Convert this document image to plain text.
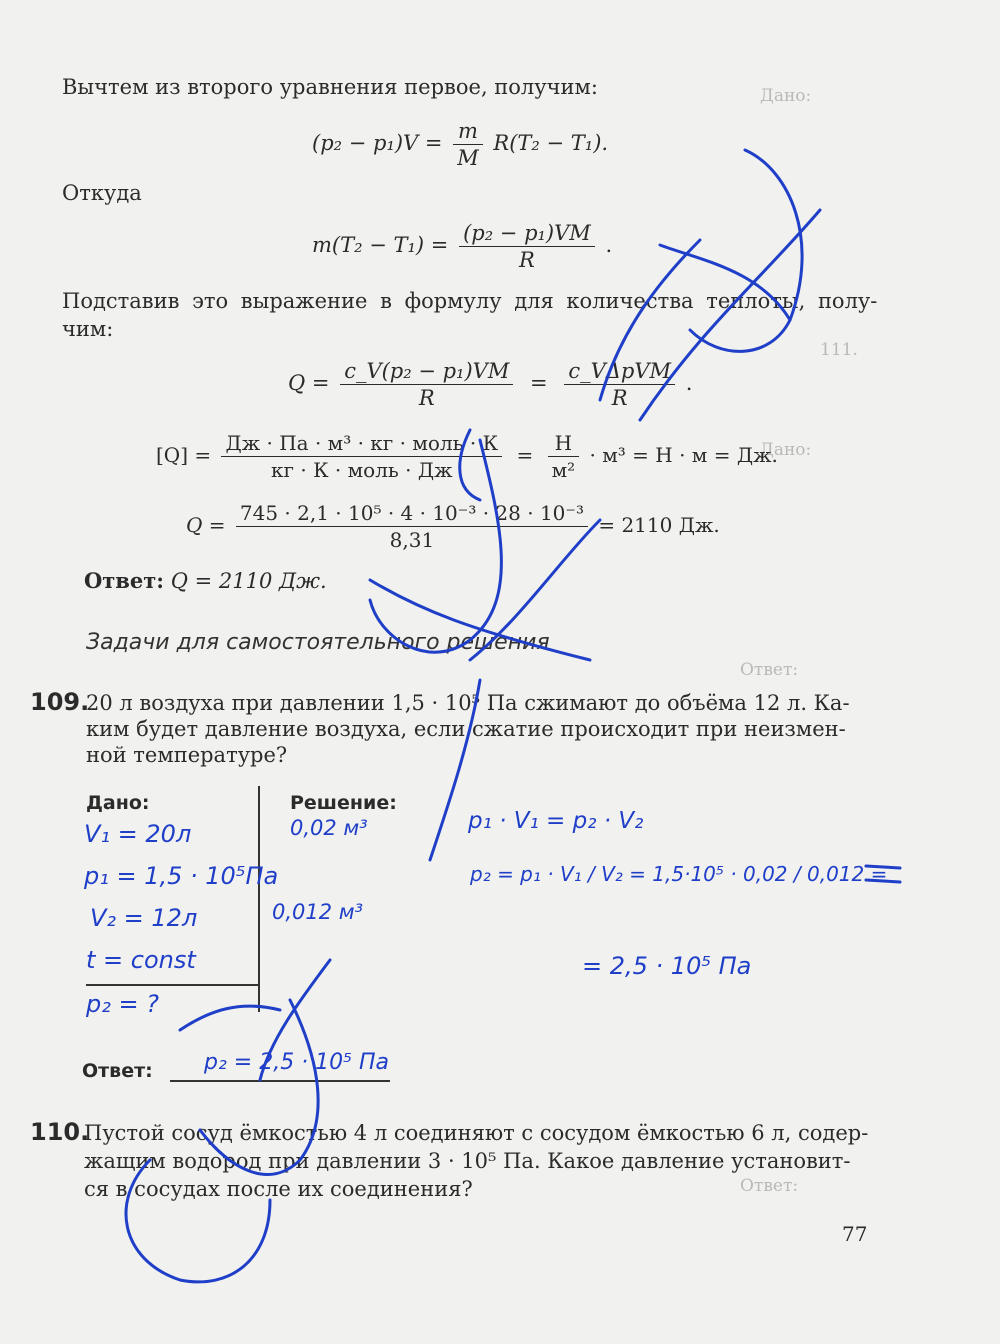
Дано:
111.
Дано:
Ответ:
Ответ:
Вычтем из второго уравнения первое, получим:
$(p_2 - p_1)V = \frac{m}{M} R(T_2 - T_1)$.
Откуда
$m(T_2 - T_1) = \frac{\text{(p₂ − p₁)VM}}{R}$ .
Подставив это выражение в формулу для количества теплоты, полу-
чим:
$Q = \frac{\text{c\_V(p₂ − p₁)VM}}{R} = \frac{\text{c\_VΔpVM}}{R}$ .
$[Q] = \frac{\text{Дж · Па · м³ · кг · моль · К}}{\text{кг · К · моль · Дж}} = \frac{Н}{\text{м²}} \cdot м^3 = Н \cdot м$ = Дж.
$Q = \frac{\text{745 · 2,1 · 10⁵ · 4 · 10⁻³ · 28 · 10⁻³}}{8,31} = 2110$ Дж.
Ответ: Q = 2110 Дж.
Задачи для самостоятельного решения
109.
20 л воздуха при давлении 1,5 · 10⁵ Па сжимают до объёма 12 л. Ка-
ким будет давление воздуха, если сжатие происходит при неизмен-
ной температуре?
Дано:	Решение:
Ответ:
110.
Пустой сосуд ёмкостью 4 л соединяют с сосудом ёмкостью 6 л, содер-
жащим водород при давлении 3 · 10⁵ Па. Какое давление установит-
ся в сосудах после их соединения?
77
V₁ = 20л
p₁ = 1,5 · 10⁵Па
V₂ = 12л
t = const
p₂ = ?
0,02 м³
0,012 м³
p₁ · V₁ = p₂ · V₂
p₂ = p₁ · V₁ / V₂ = 1,5·10⁵ · 0,02 / 0,012 =
= 2,5 · 10⁵ Па
p₂ = 2,5 · 10⁵ Па
